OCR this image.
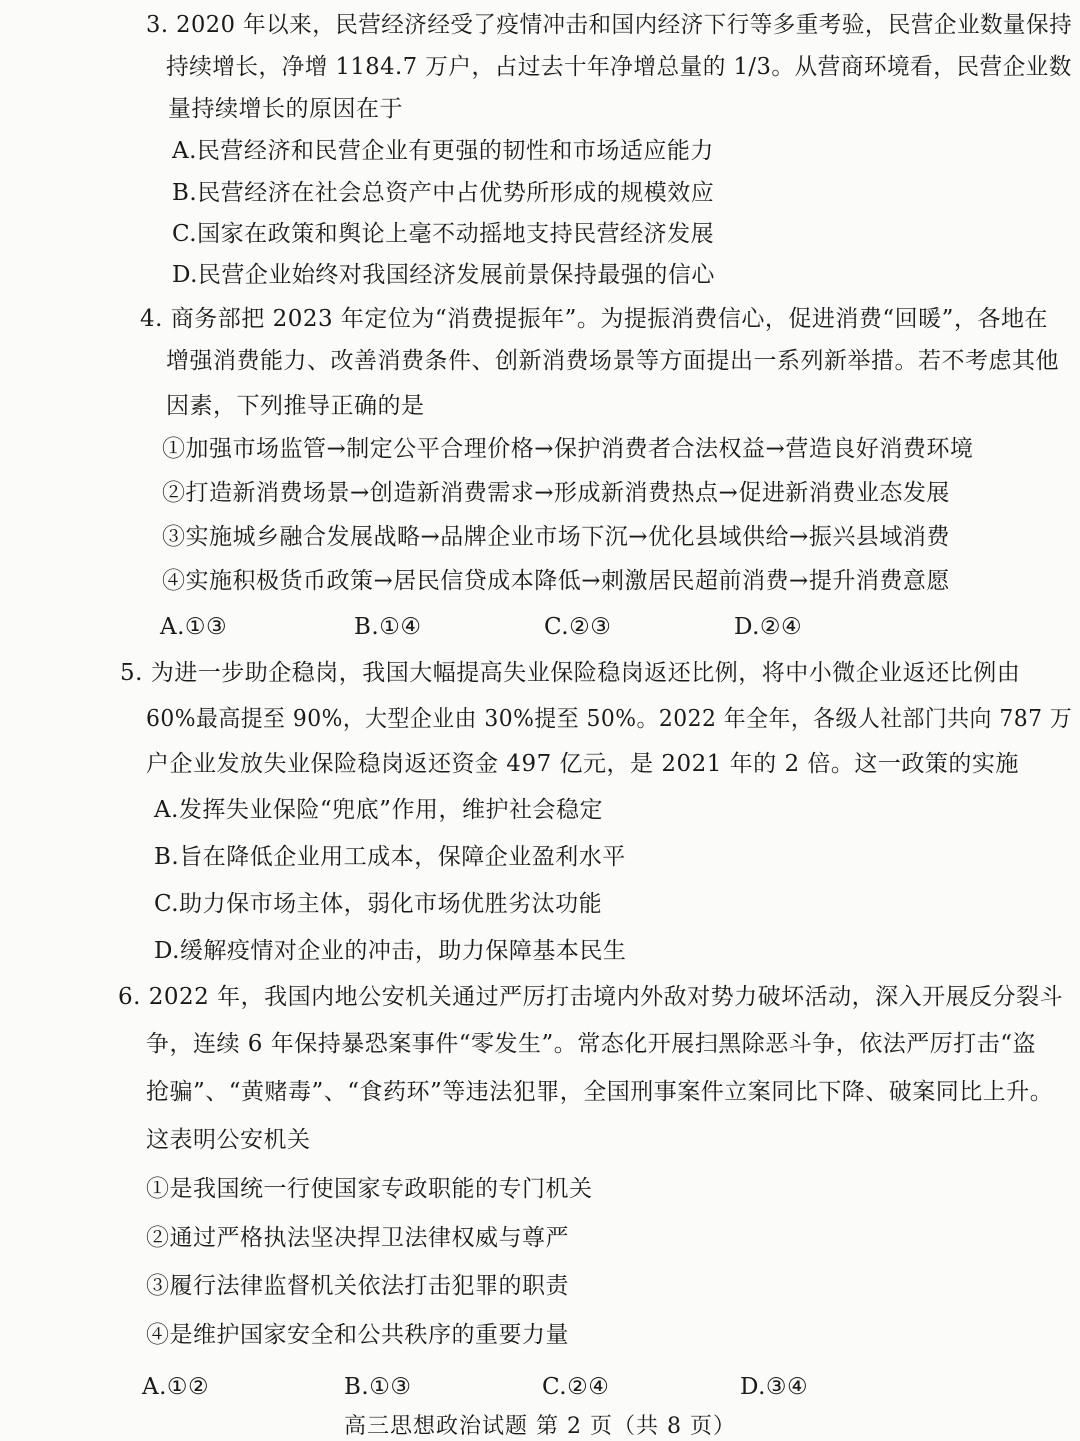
3. 2020 年以来，民营经济经受了疫情冲击和国内经济下行等多重考验，民营企业数量保持
持续增长，净增 1184.7 万户，占过去十年净增总量的 1/3。从营商环境看，民营企业数
量持续增长的原因在于
A.民营经济和民营企业有更强的韧性和市场适应能力
B.民营经济在社会总资产中占优势所形成的规模效应
C.国家在政策和舆论上毫不动摇地支持民营经济发展
D.民营企业始终对我国经济发展前景保持最强的信心
4. 商务部把 2023 年定位为“消费提振年”。为提振消费信心，促进消费“回暖”，各地在
增强消费能力、改善消费条件、创新消费场景等方面提出一系列新举措。若不考虑其他
因素，下列推导正确的是
①加强市场监管→制定公平合理价格→保护消费者合法权益→营造良好消费环境
②打造新消费场景→创造新消费需求→形成新消费热点→促进新消费业态发展
③实施城乡融合发展战略→品牌企业市场下沉→优化县域供给→振兴县域消费
④实施积极货币政策→居民信贷成本降低→刺激居民超前消费→提升消费意愿
A.①③	B.①④	C.②③	D.②④
5. 为进一步助企稳岗，我国大幅提高失业保险稳岗返还比例，将中小微企业返还比例由
60%最高提至 90%，大型企业由 30%提至 50%。2022 年全年，各级人社部门共向 787 万
户企业发放失业保险稳岗返还资金 497 亿元，是 2021 年的 2 倍。这一政策的实施
A.发挥失业保险“兜底”作用，维护社会稳定
B.旨在降低企业用工成本，保障企业盈利水平
C.助力保市场主体，弱化市场优胜劣汰功能
D.缓解疫情对企业的冲击，助力保障基本民生
6. 2022 年，我国内地公安机关通过严厉打击境内外敌对势力破坏活动，深入开展反分裂斗
争，连续 6 年保持暴恐案事件“零发生”。常态化开展扫黑除恶斗争，依法严厉打击“盗
抢骗”、“黄赌毒”、“食药环”等违法犯罪，全国刑事案件立案同比下降、破案同比上升。
这表明公安机关
①是我国统一行使国家专政职能的专门机关
②通过严格执法坚决捍卫法律权威与尊严
③履行法律监督机关依法打击犯罪的职责
④是维护国家安全和公共秩序的重要力量
A.①②	B.①③	C.②④	D.③④
高三思想政治试题 第 2 页（共 8 页）
